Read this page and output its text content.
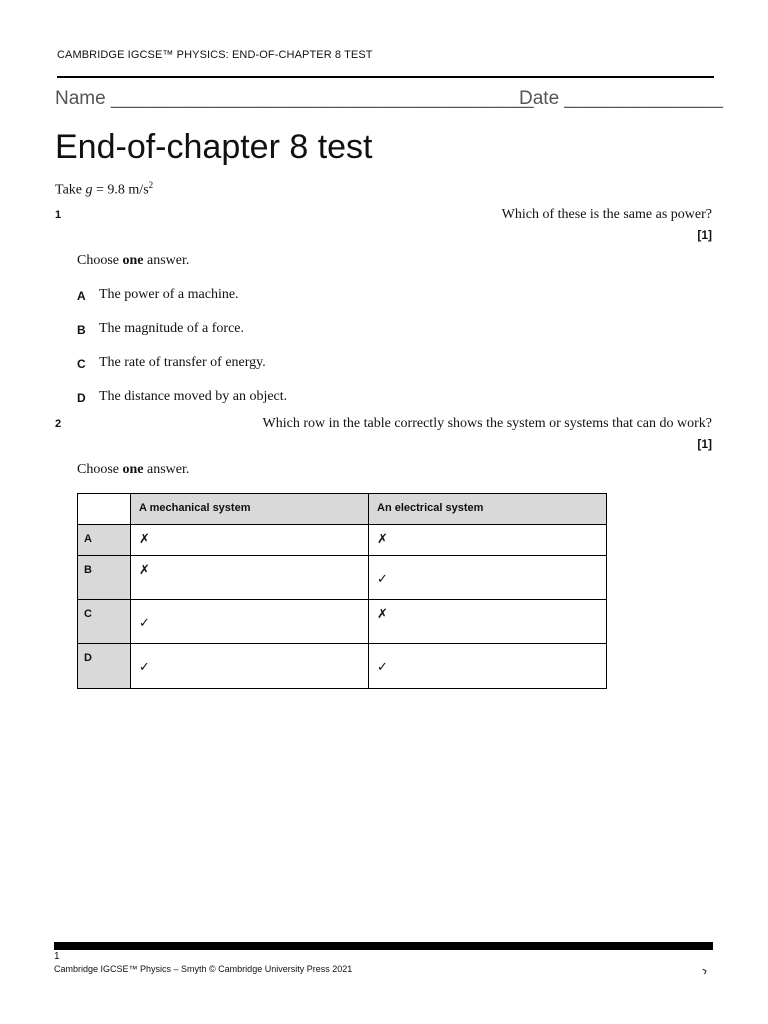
CAMBRIDGE IGCSE™ PHYSICS: END-OF-CHAPTER 8 TEST
Name ________________________________________
Date _______________
End-of-chapter 8 test
Take g = 9.8 $m/s^2$
1	Which of these is the same as power?
[1]
Choose one answer.
A The power of a machine.
B The magnitude of a force.
C The rate of transfer of energy.
D The distance moved by an object.
2	Which row in the table correctly shows the system or systems that can do work?
[1]
Choose one answer.
	A mechanical system	An electrical system
A	✗	✗

B	✗	✓

C	✓	✗

D	✓	✓
1
Cambridge IGCSE™ Physics – Smyth © Cambridge University Press 2021	›
